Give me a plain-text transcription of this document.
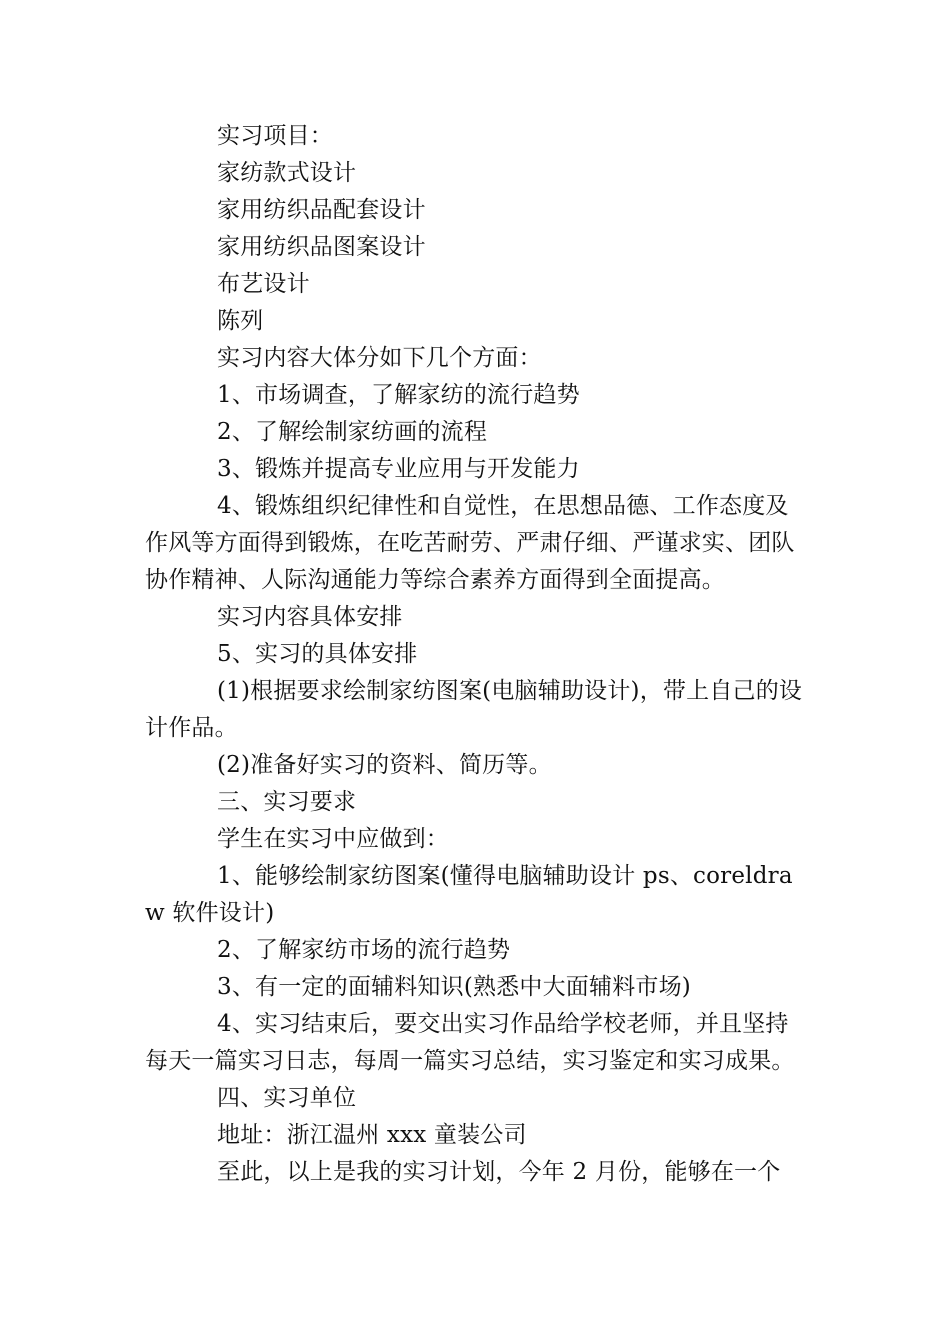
实习项目：

家纺款式设计

家用纺织品配套设计

家用纺织品图案设计

布艺设计

陈列

实习内容大体分如下几个方面：

1、市场调查，了解家纺的流行趋势

2、了解绘制家纺画的流程

3、锻炼并提高专业应用与开发能力

4、锻炼组织纪律性和自觉性，在思想品德、工作态度及作风等方面得到锻炼，在吃苦耐劳、严肃仔细、严谨求实、团队协作精神、人际沟通能力等综合素养方面得到全面提高。

实习内容具体安排

5、实习的具体安排

(1)根据要求绘制家纺图案(电脑辅助设计)，带上自己的设计作品。

(2)准备好实习的资料、简历等。

三、实习要求

学生在实习中应做到：

1、能够绘制家纺图案(懂得电脑辅助设计 ps、coreldraw 软件设计)

2、了解家纺市场的流行趋势

3、有一定的面辅料知识(熟悉中大面辅料市场)

4、实习结束后，要交出实习作品给学校老师，并且坚持每天一篇实习日志，每周一篇实习总结，实习鉴定和实习成果。

四、实习单位

地址：浙江温州 xxx 童装公司

至此，以上是我的实习计划，今年 2 月份，能够在一个
